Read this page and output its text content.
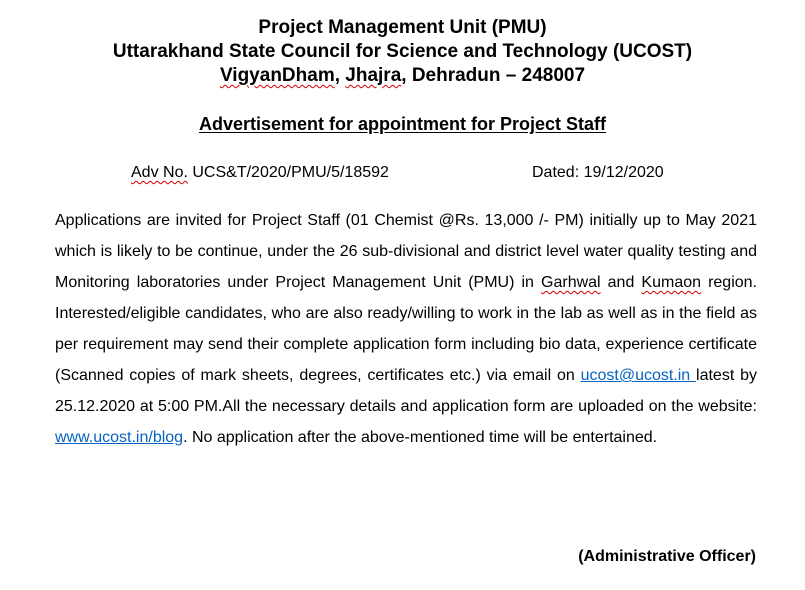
Project Management Unit (PMU)
Uttarakhand State Council for Science and Technology (UCOST)
VigyanDham, Jhajra, Dehradun – 248007
Advertisement for appointment for Project Staff
Adv No. UCS&T/2020/PMU/5/18592	Dated: 19/12/2020
Applications are invited for Project Staff (01 Chemist @Rs. 13,000 /- PM) initially up to May 2021 which is likely to be continue, under the 26 sub-divisional and district level water quality testing and Monitoring laboratories under Project Management Unit (PMU) in Garhwal and Kumaon region. Interested/eligible candidates, who are also ready/willing to work in the lab as well as in the field as per requirement may send their complete application form including bio data, experience certificate (Scanned copies of mark sheets, degrees, certificates etc.) via email on ucost@ucost.in latest by 25.12.2020 at 5:00 PM.All the necessary details and application form are uploaded on the website: www.ucost.in/blog. No application after the above-mentioned time will be entertained.
(Administrative Officer)
